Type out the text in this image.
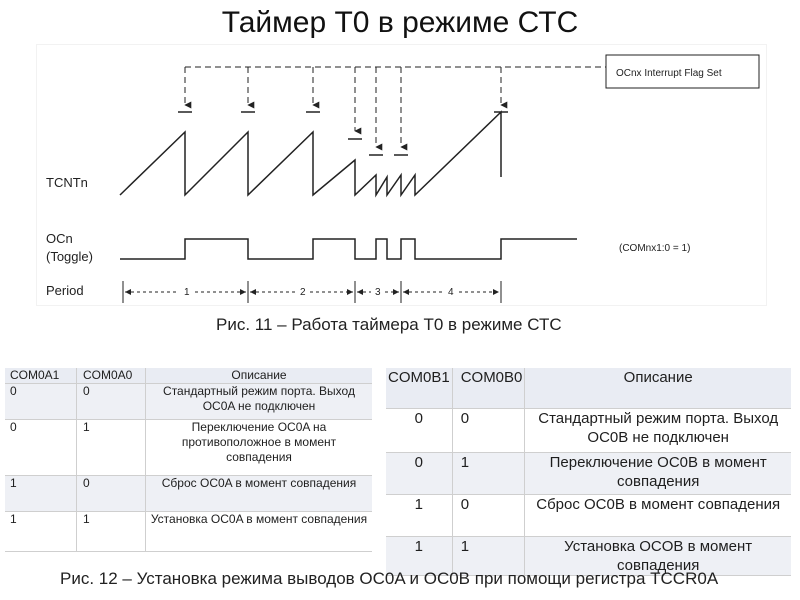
Таймер Т0 в режиме СТС
OCnx Interrupt Flag Set
TCNTn
OCn
(Toggle)
(COMnx1:0 = 1)
Period	1	2	3	4
Рис. 11 – Работа таймера Т0 в режиме СТС
COM0A1	COM0A0	Описание
0	0	Стандартный режим порта. Выход OC0A не подключен
0	1	Переключение OC0A на противоположное в момент совпадения
1	0	Сброс OC0A в момент совпадения
1	1	Установка OC0A в момент совпадения
COM0B1	COM0B0	Описание
0	0	Стандартный режим порта. Выход OC0B не подключен
0	1	Переключение OC0B в момент совпадения
1	0	Сброс OC0B в момент совпадения
1	1	Установка OCOB в момент совпадения
Рис. 12 – Установка режима выводов OC0A и OC0B при помощи регистра TCCR0A
